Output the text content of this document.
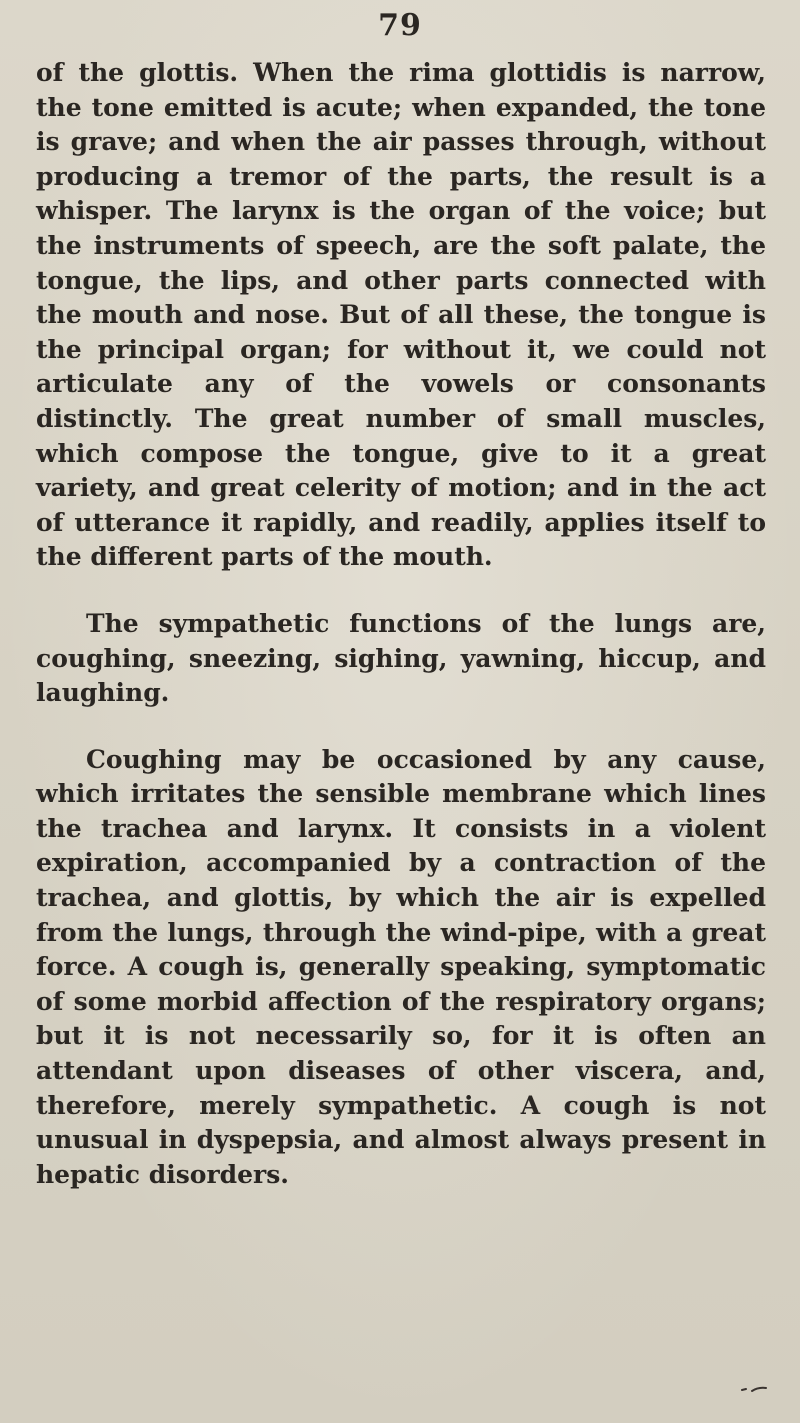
79

of the glottis. When the rima glottidis is narrow, the tone emitted is acute; when expanded, the tone is grave; and when the air passes through, without producing a tremor of the parts, the result is a whisper. The larynx is the organ of the voice; but the instruments of speech, are the soft palate, the tongue, the lips, and other parts connected with the mouth and nose. But of all these, the tongue is the principal organ; for without it, we could not articulate any of the vowels or consonants distinctly. The great number of small muscles, which compose the tongue, give to it a great variety, and great celerity of motion; and in the act of utterance it rapidly, and readily, applies itself to the different parts of the mouth.

The sympathetic functions of the lungs are, coughing, sneezing, sighing, yawning, hiccup, and laughing.

Coughing may be occasioned by any cause, which irritates the sensible membrane which lines the trachea and larynx. It consists in a violent expiration, accompanied by a contraction of the trachea, and glottis, by which the air is expelled from the lungs, through the wind-pipe, with a great force. A cough is, generally speaking, symptomatic of some morbid affection of the respiratory organs; but it is not necessarily so, for it is often an attendant upon diseases of other viscera, and, therefore, merely sympathetic. A cough is not unusual in dyspepsia, and almost always present in hepatic disorders.
